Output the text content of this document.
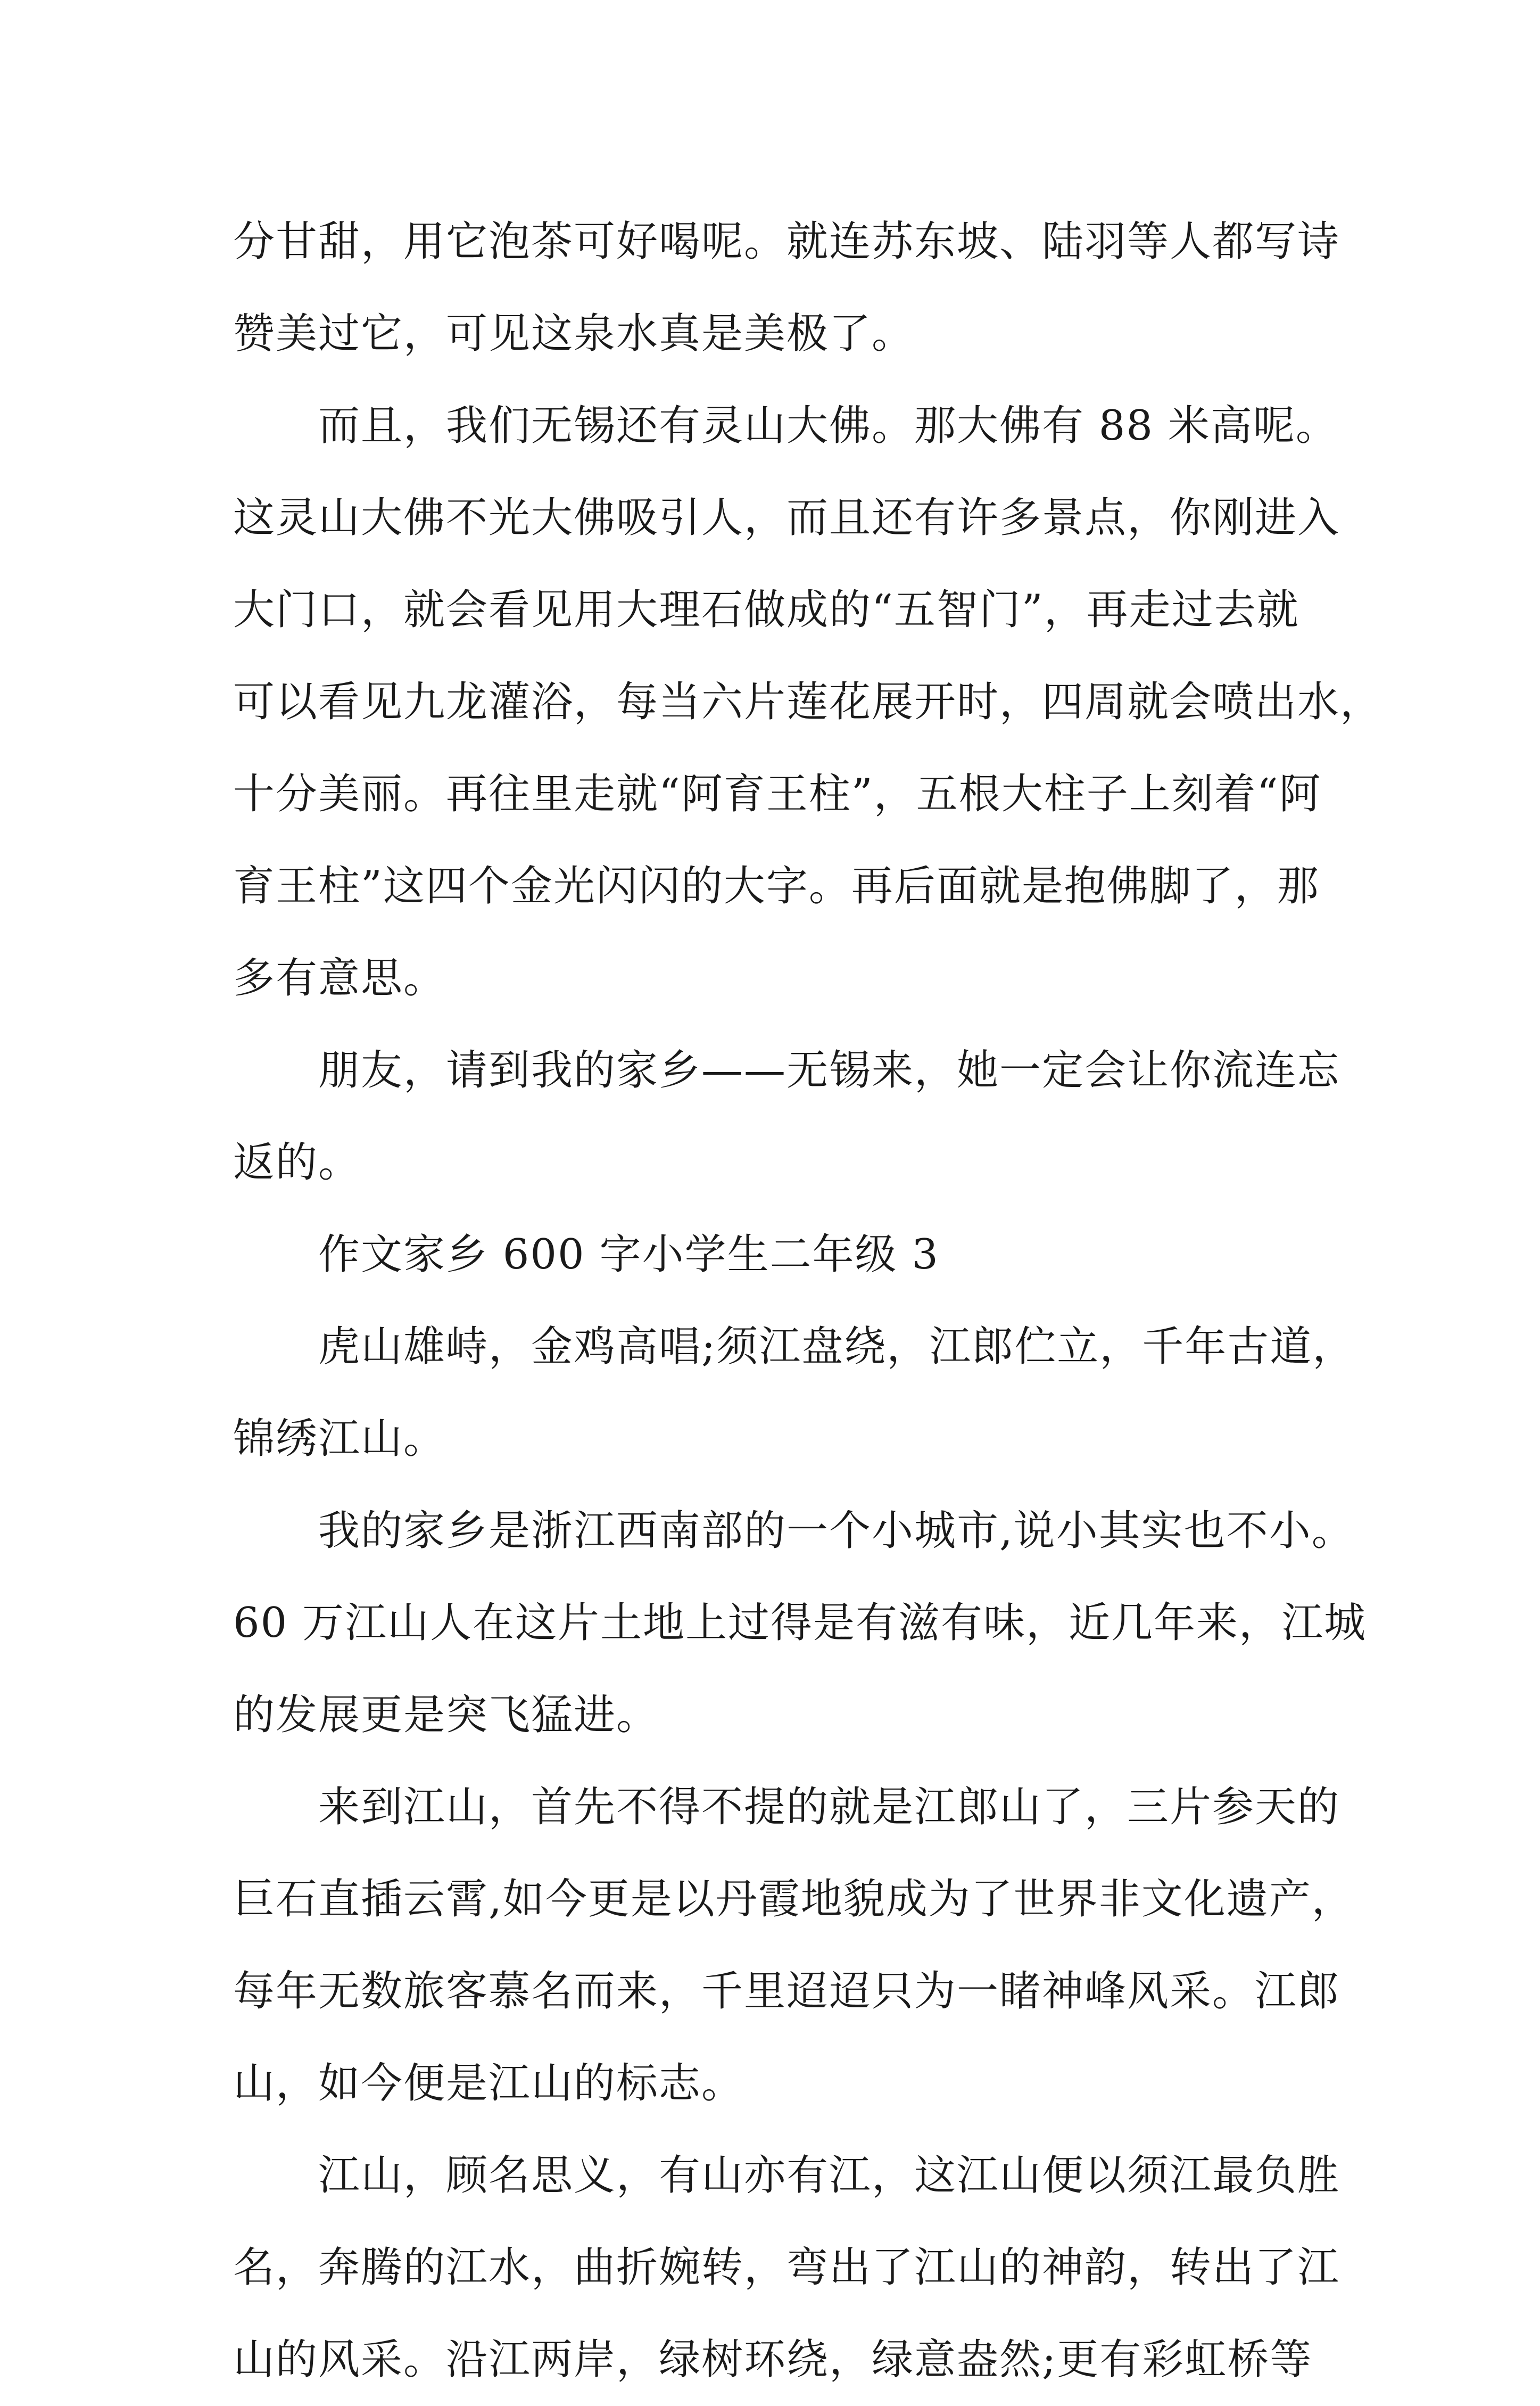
分甘甜，用它泡茶可好喝呢。就连苏东坡、陆羽等人都写诗
赞美过它，可见这泉水真是美极了。
而且，我们无锡还有灵山大佛。那大佛有 88 米高呢。
这灵山大佛不光大佛吸引人，而且还有许多景点，你刚进入
大门口，就会看见用大理石做成的“五智门”，再走过去就
可以看见九龙灌浴，每当六片莲花展开时，四周就会喷出水，
十分美丽。再往里走就“阿育王柱”，五根大柱子上刻着“阿
育王柱”这四个金光闪闪的大字。再后面就是抱佛脚了，那
多有意思。
朋友，请到我的家乡——无锡来，她一定会让你流连忘
返的。
作文家乡 600 字小学生二年级 3
虎山雄峙，金鸡高唱;须江盘绕，江郎伫立，千年古道，
锦绣江山。
我的家乡是浙江西南部的一个小城市,说小其实也不小。
60 万江山人在这片土地上过得是有滋有味，近几年来，江城
的发展更是突飞猛进。
来到江山，首先不得不提的就是江郎山了，三片参天的
巨石直插云霄,如今更是以丹霞地貌成为了世界非文化遗产，
每年无数旅客慕名而来，千里迢迢只为一睹神峰风采。江郎
山，如今便是江山的标志。
江山，顾名思义，有山亦有江，这江山便以须江最负胜
名，奔腾的江水，曲折婉转，弯出了江山的神韵，转出了江
山的风采。沿江两岸，绿树环绕，绿意盎然;更有彩虹桥等
